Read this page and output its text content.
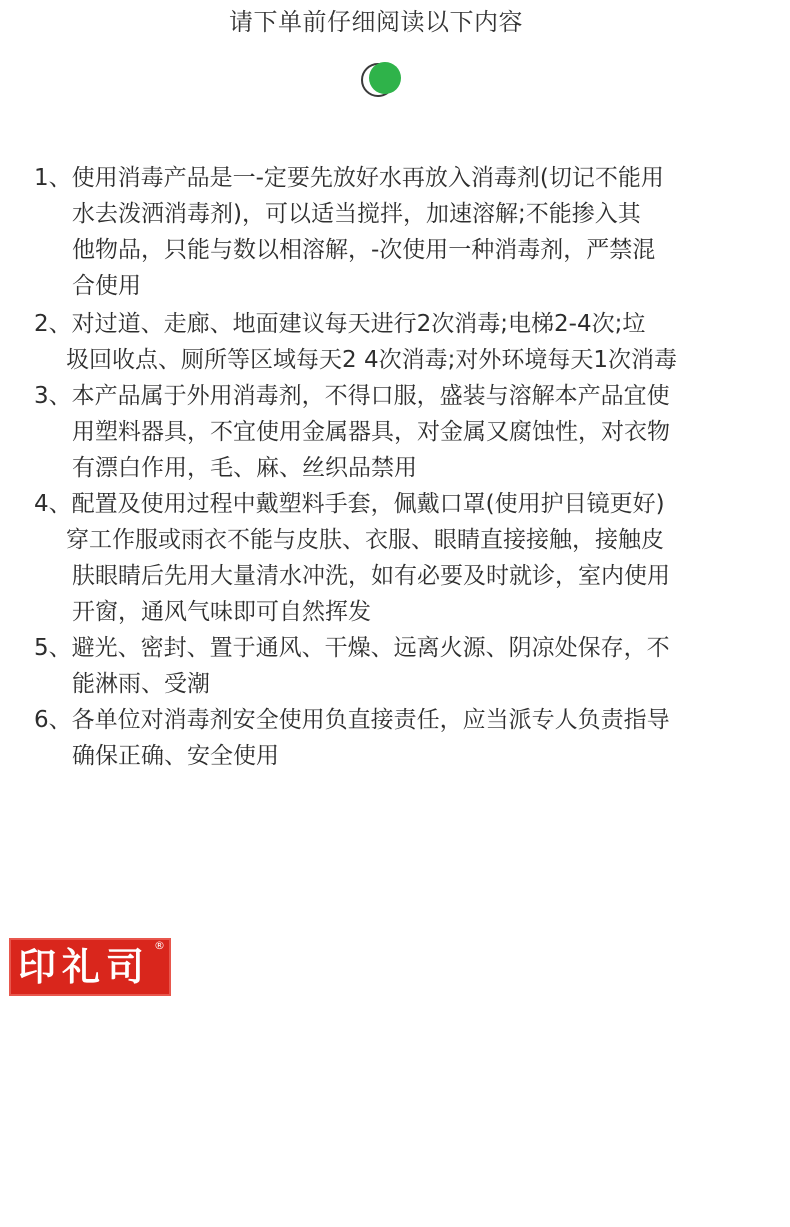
请下单前仔细阅读以下内容
1、使用消毒产品是一-定要先放好水再放入消毒剂(切记不能用
水去泼洒消毒剂)，可以适当搅拌，加速溶解;不能掺入其
他物品，只能与数以相溶解，-次使用一种消毒剂，严禁混
合使用
2、对过道、走廊、地面建议每天进行2次消毒;电梯2-4次;垃
圾回收点、厕所等区域每天2 4次消毒;对外环境每天1次消毒
3、本产品属于外用消毒剂，不得口服，盛装与溶解本产品宜使
用塑料器具，不宜使用金属器具，对金属又腐蚀性，对衣物
有漂白作用，毛、麻、丝织品禁用
4、配置及使用过程中戴塑料手套，佩戴口罩(使用护目镜更好)
穿工作服或雨衣不能与皮肤、衣服、眼睛直接接触，接触皮
肤眼睛后先用大量清水冲洗，如有必要及时就诊，室内使用
开窗，通风气味即可自然挥发
5、避光、密封、置于通风、干燥、远离火源、阴凉处保存，不
能淋雨、受潮
6、各单位对消毒剂安全使用负直接责任，应当派专人负责指导
确保正确、安全使用
印礼司 ®
